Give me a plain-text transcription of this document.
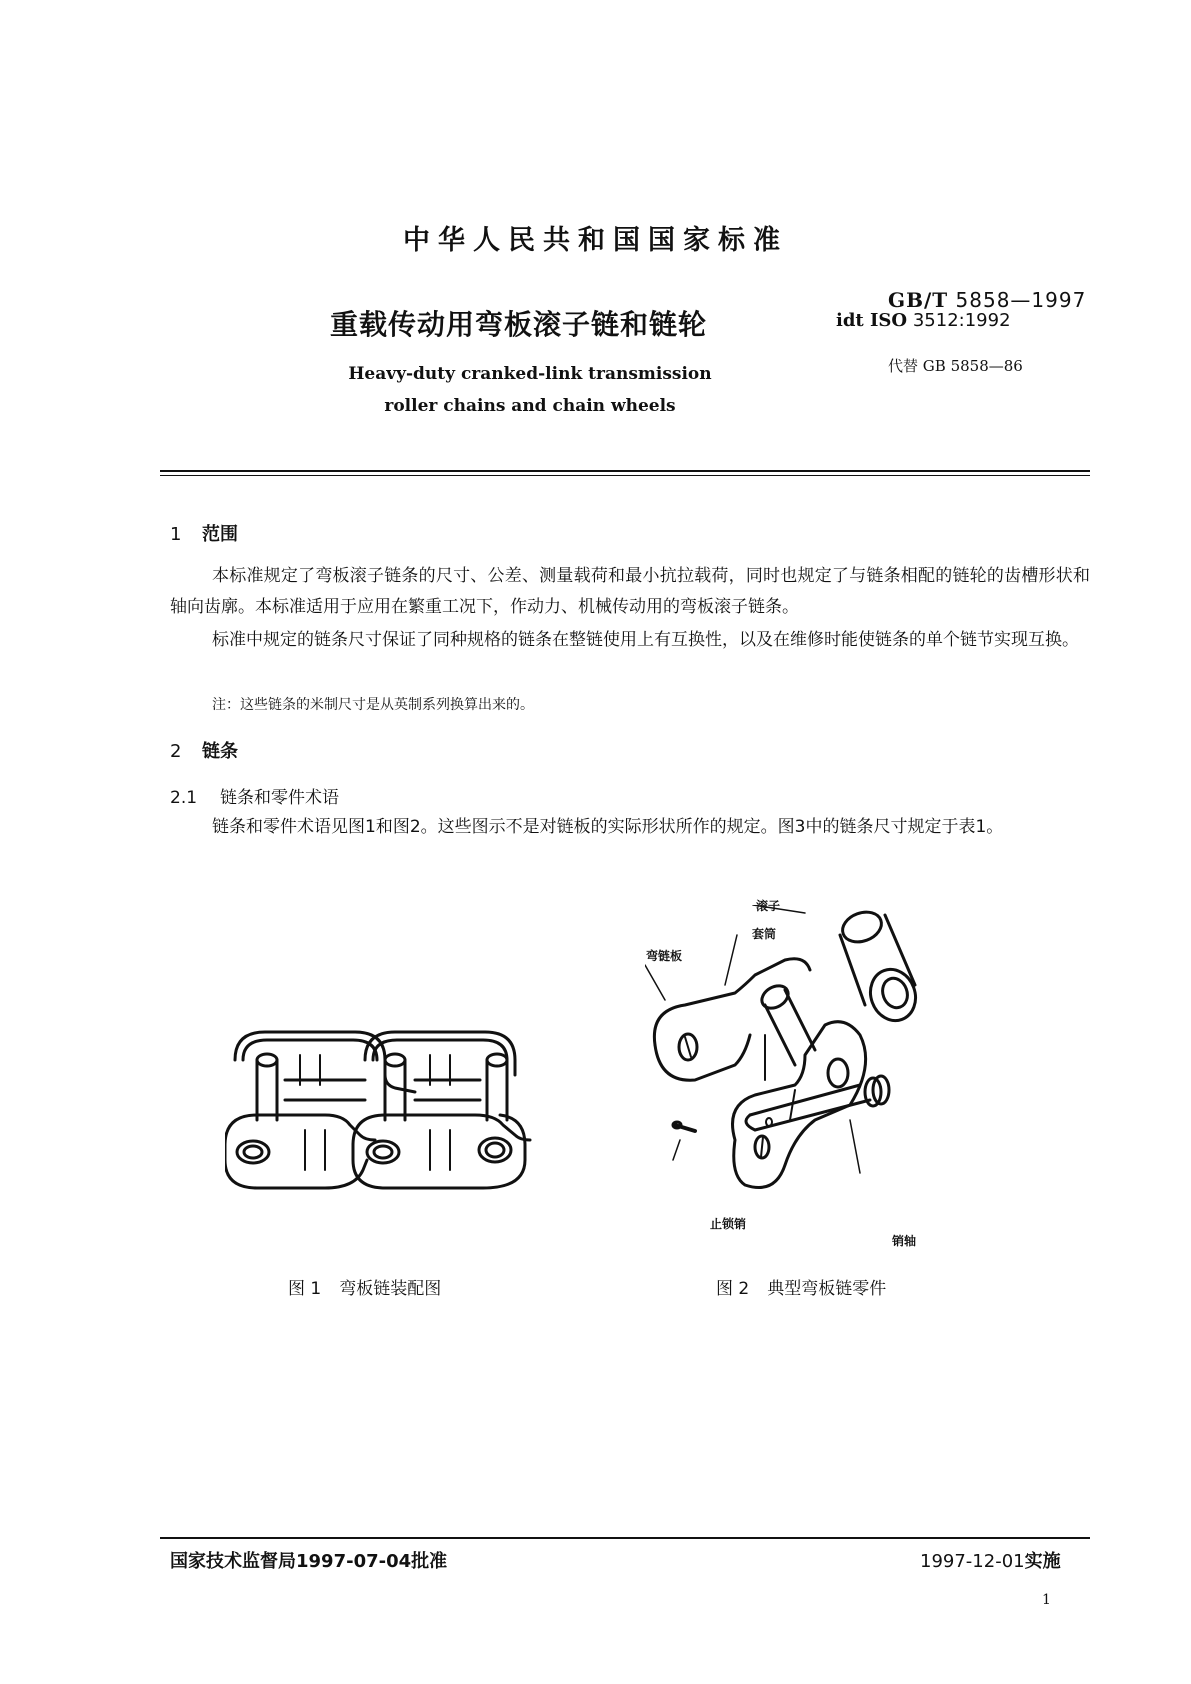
中华人民共和国国家标准
重载传动用弯板滚子链和链轮
Heavy-duty cranked-link transmission
roller chains and chain wheels
GB/T 5858—1997
idt ISO 3512:1992
代替 GB 5858—86
1 范围
本标准规定了弯板滚子链条的尺寸、公差、测量载荷和最小抗拉载荷，同时也规定了与链条相配的链轮的齿槽形状和轴向齿廓。本标准适用于应用在繁重工况下，作动力、机械传动用的弯板滚子链条。
标准中规定的链条尺寸保证了同种规格的链条在整链使用上有互换性，以及在维修时能使链条的单个链节实现互换。
注：这些链条的米制尺寸是从英制系列换算出来的。
2 链条
2.1 链条和零件术语
链条和零件术语见图1和图2。这些图示不是对链板的实际形状所作的规定。图3中的链条尺寸规定于表1。
图 1 弯板链装配图
滚子
套筒
弯链板
止锁销
销轴
图 2 典型弯板链零件
国家技术监督局1997-07-04批准	1997-12-01实施
1
